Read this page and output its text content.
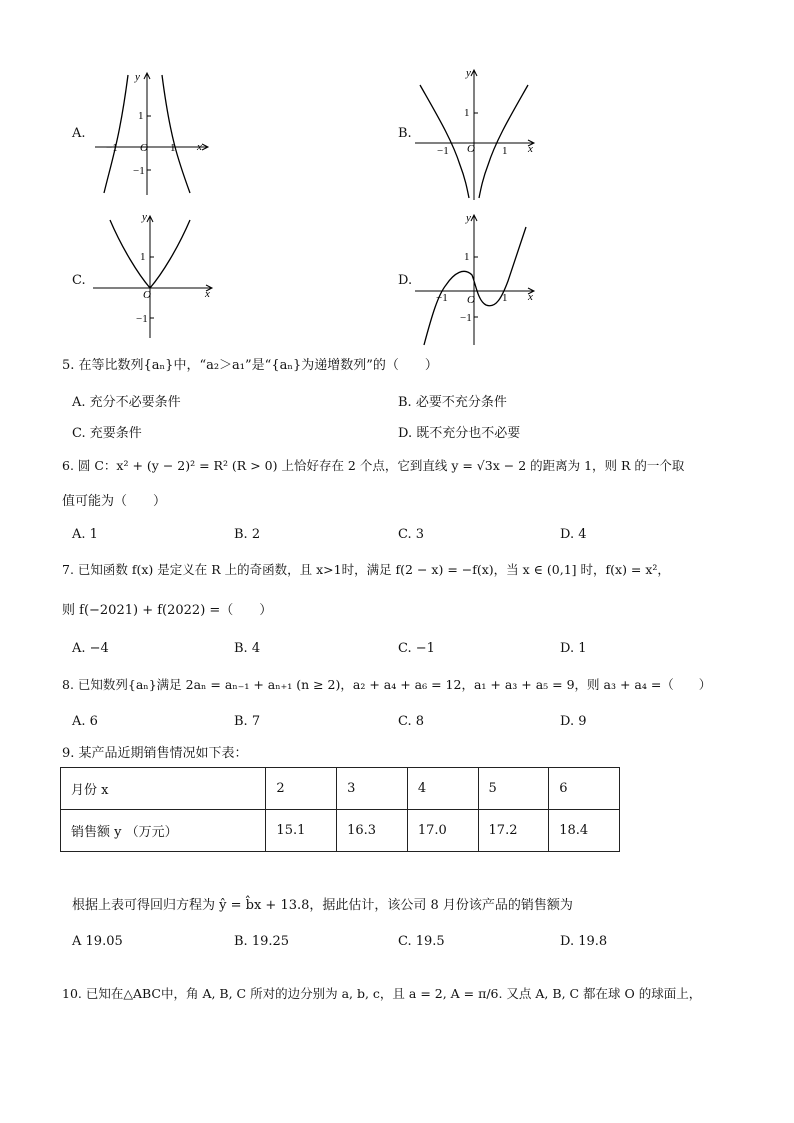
A.
y
x
O
1
−1
−1	1
B.
y
x
O
1
−1	1
C.
y
x
O
1
−1
D.
y
x
O
1
−1
−1	1
5. 在等比数列{aₙ}中，“a₂＞a₁”是“{aₙ}为递增数列”的（　　）
A. 充分不必要条件	B. 必要不充分条件
C. 充要条件	D. 既不充分也不必要
6. 圆 C：x² + (y − 2)² = R² (R > 0) 上恰好存在 2 个点，它到直线 y = √3x − 2 的距离为 1，则 R 的一个取
值可能为（　　）
A. 1	B. 2	C. 3	D. 4
7. 已知函数 f(x) 是定义在 R 上的奇函数，且 x>1时，满足 f(2 − x) = −f(x)，当 x ∈ (0,1] 时，f(x) = x²，
则 f(−2021) + f(2022) =（　　）
A. −4	B. 4	C. −1	D. 1
8. 已知数列{aₙ}满足 2aₙ = aₙ₋₁ + aₙ₊₁ (n ≥ 2)，a₂ + a₄ + a₆ = 12，a₁ + a₃ + a₅ = 9，则 a₃ + a₄ =（　　）
A. 6	B. 7	C. 8	D. 9
9. 某产品近期销售情况如下表：
月份 x	2	3	4	5	6
销售额 y （万元）	15.1	16.3	17.0	17.2	18.4
根据上表可得回归方程为 ŷ = b̂x + 13.8，据此估计，该公司 8 月份该产品的销售额为
A 19.05	B. 19.25	C. 19.5	D. 19.8
10. 已知在△ABC中，角 A, B, C 所对的边分别为 a, b, c，且 a = 2, A = π/6. 又点 A, B, C 都在球 O 的球面上，
